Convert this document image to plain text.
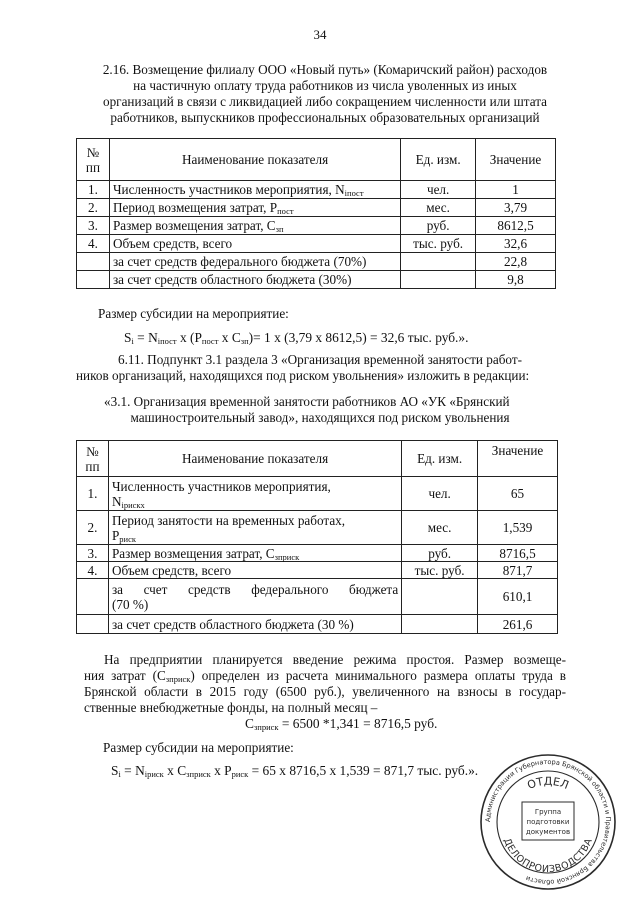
34
2.16. Возмещение филиалу ООО «Новый путь» (Комаричский район) расходов
на частичную оплату труда работников из числа уволенных из иных
организаций в связи с ликвидацией либо сокращением численности или штата
работников, выпускников профессиональных образовательных организаций
№ пп	Наименование показателя	Ед. изм.	Значение
1.	Численность участников мероприятия, $N_{іпост}$	чел.	1
2.	Период возмещения затрат, $Р_{пост}$	мес.	3,79
3.	Размер возмещения затрат, $С_{зп}$	руб.	8612,5
4.	Объем средств, всего	тыс. руб.	32,6
	за счет средств федерального бюджета (70%)		22,8
	за счет средств областного бюджета (30%)		9,8
Размер субсидии на мероприятие:
$S_i = N_{іпост}$ x ($Р_{пост}$ x $С_{зп})= 1$ x (3,79 x 8612,5) = 32,6 тыс. руб.».
6.11. Подпункт 3.1 раздела 3 «Организация временной занятости работ-
ников организаций, находящихся под риском увольнения» изложить в редакции:
«3.1. Организация временной занятости работников АО «УК «Брянский
машиностроительный завод», находящихся под риском увольнения
№ пп	Наименование показателя	Ед. изм.	Значение
1.	Численность участников мероприятия,
$N_{ірискx}$	чел.	65
2.	Период занятости на временных работах,
$Р_{риск}$	мес.	1,539
3.	Размер возмещения затрат, $С_{зприск}$	руб.	8716,5
4.	Объем средств, всего	тыс. руб.	871,7

	за счет средств федерального бюджета
(70 %)		610,1
	за счет средств областного бюджета (30 %)		261,6
На предприятии планируется введение режима простоя. Размер возмеще-
ния затрат $(С_{зприск})$ определен из расчета минимального размера оплаты труда в
Брянской области в 2015 году (6500 руб.), увеличенного на взносы в государ-
ственные внебюджетные фонды, на полный месяц –
$С_{зприск} = 6500$ *1,341 = 8716,5 руб.
Размер субсидии на мероприятие:
$S_i = N_{іриск}$ x $С_{зприск}$ x $Р_{риск} = 65$ x 8716,5 x 1,539 = 871,7 тыс. руб.».
Администрации Губернатора Брянской области и Правительства Брянской области
ОТДЕЛ
ДЕЛОПРОИЗВОДСТВА
Группа
подготовки
документов
